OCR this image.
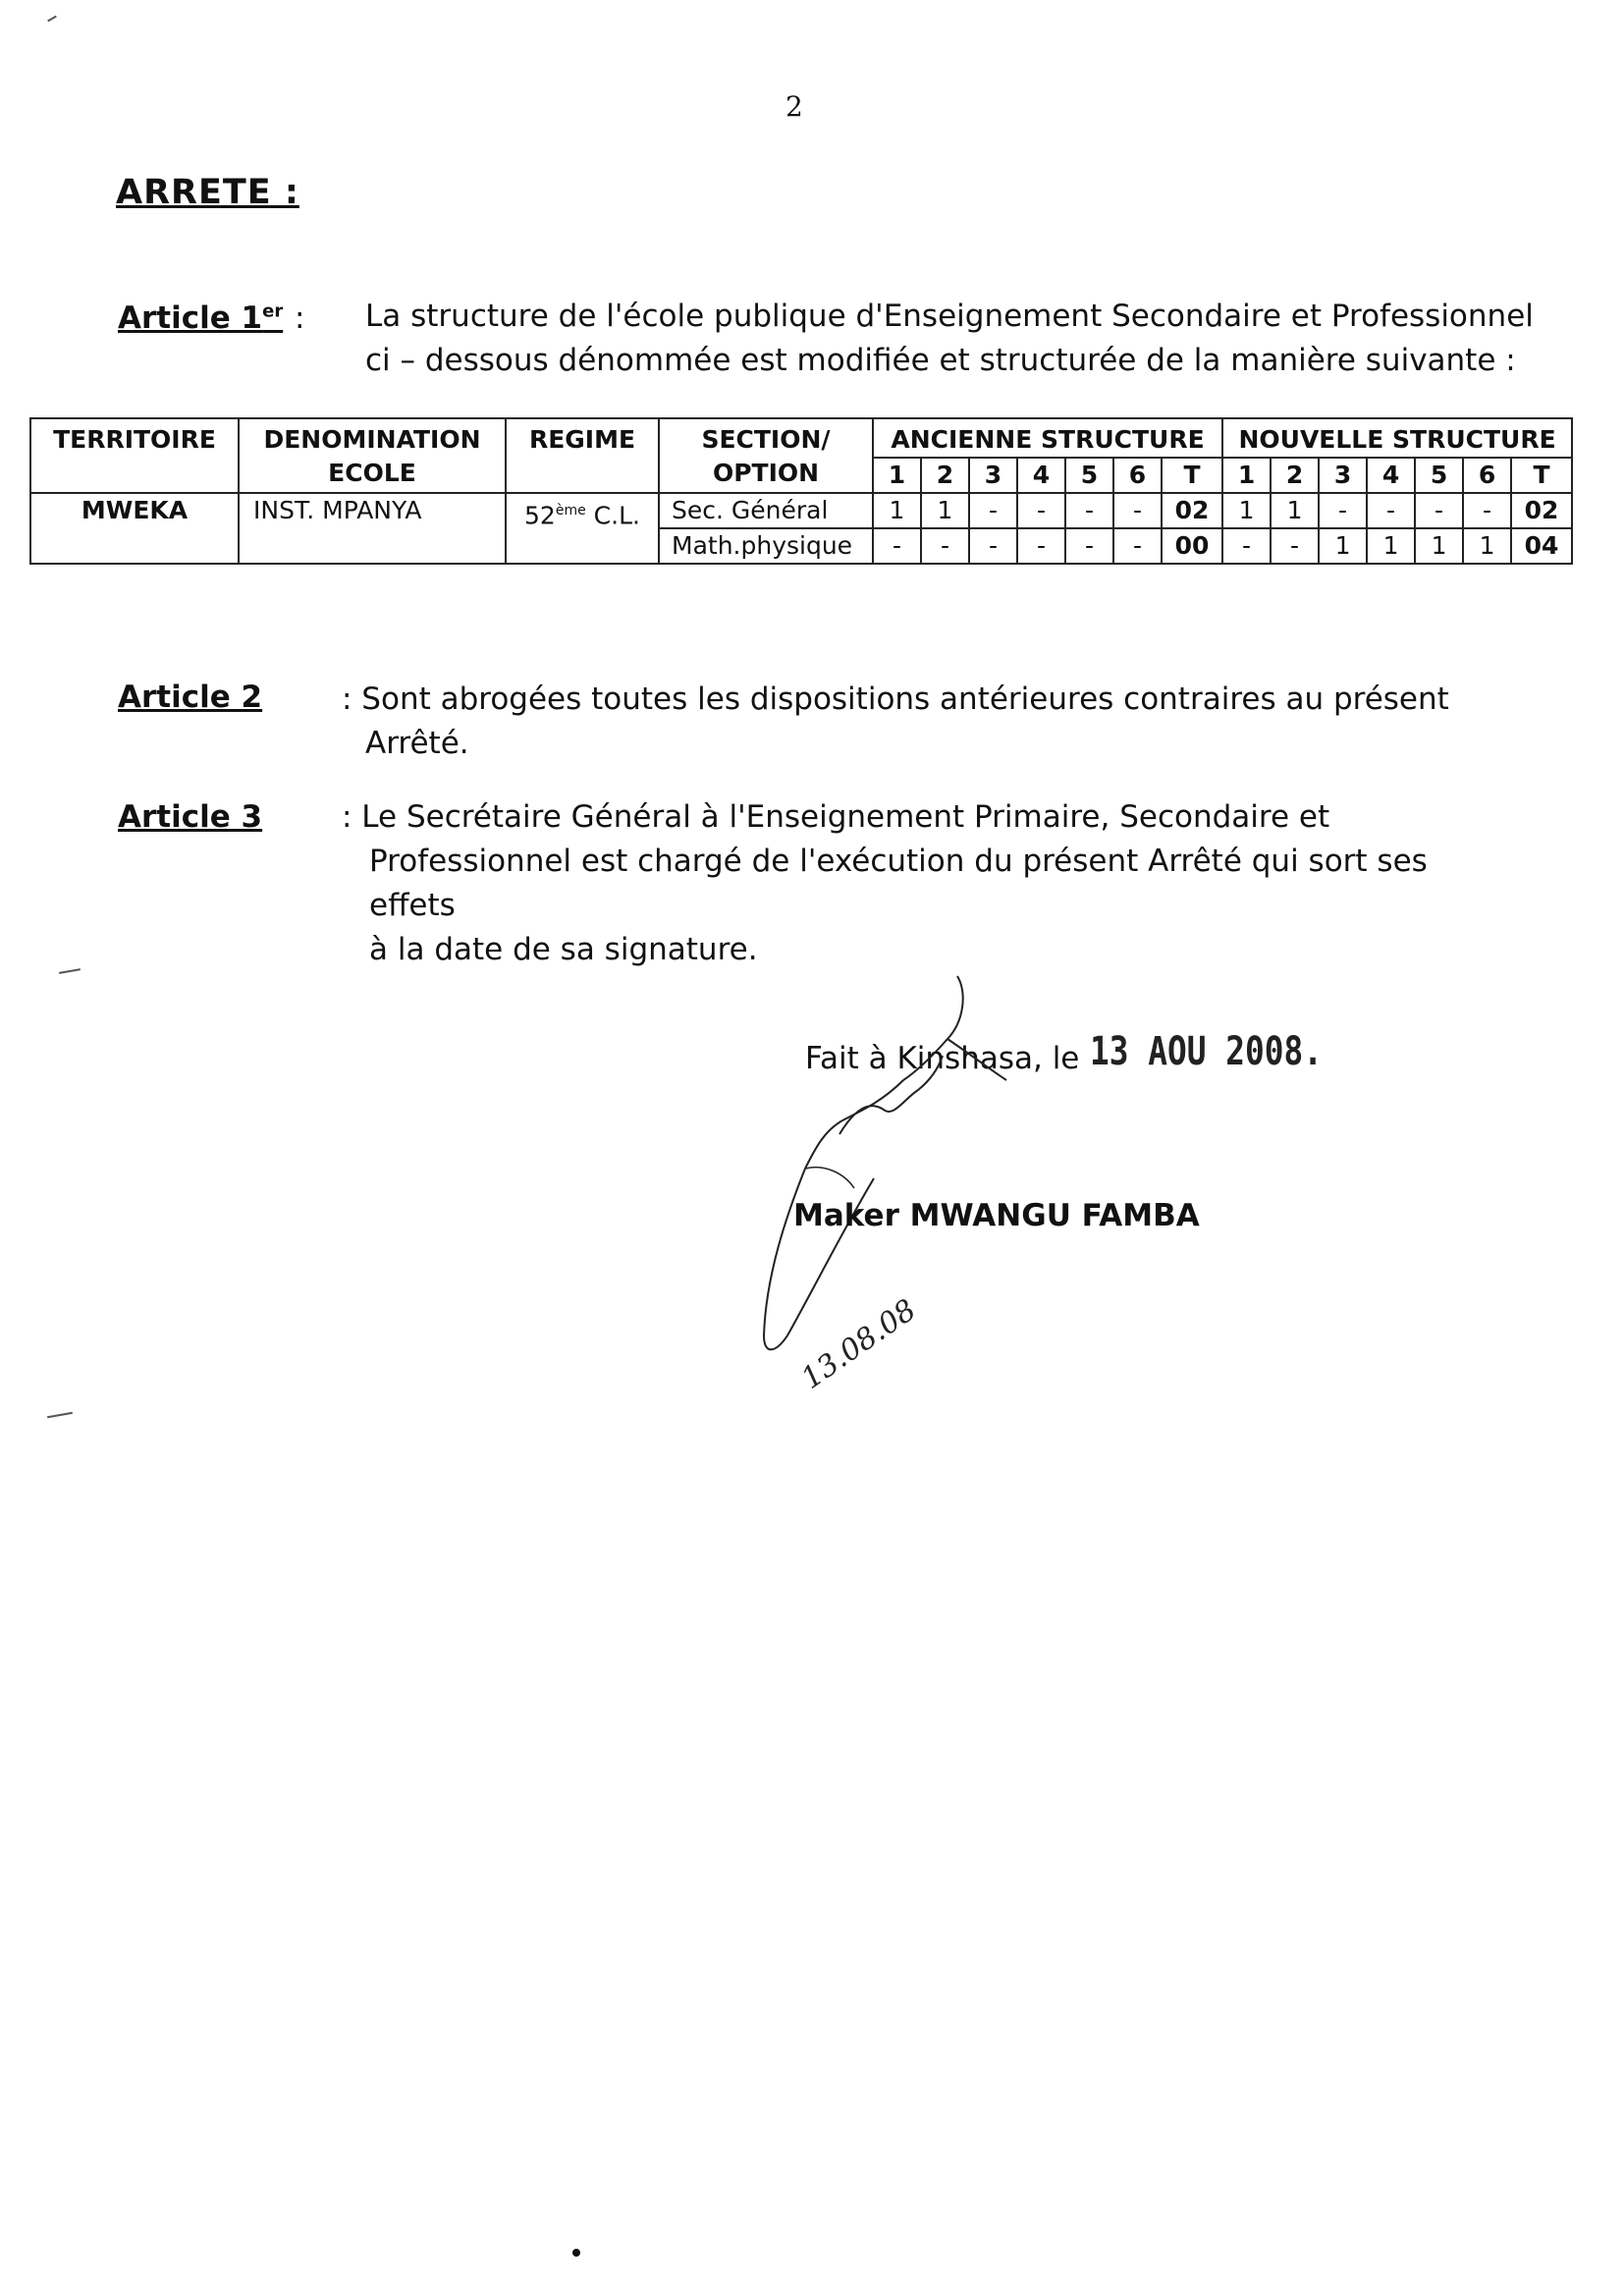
2
ARRETE :
Article 1er : La structure de l'école publique d'Enseignement Secondaire et Professionnel
ci – dessous dénommée est modifiée et structurée de la manière suivante :
TERRITOIRE	DENOMINATION ECOLE	REGIME	SECTION/ OPTION	ANCIENNE STRUCTURE							NOUVELLE STRUCTURE						
				1	2	3	4	5	6	T	1	2	3	4	5	6	T
MWEKA	INST. MPANYA	52ème C.L.	Sec. Général	1	1	-	-	-	-	02	1	1	-	-	-	-	02
			Math.physique	-	-	-	-	-	-	00	-	-	1	1	1	1	04
Article 2	: Sont abrogées toutes les dispositions antérieures contraires au présent
Arrêté.
Article 3	: Le Secrétaire Général à l'Enseignement Primaire, Secondaire et
Professionnel est chargé de l'exécution du présent Arrêté qui sort ses effets
à la date de sa signature.
Fait à Kinshasa, le 13 AOU 2008.
Maker MWANGU FAMBA
13.08.08
